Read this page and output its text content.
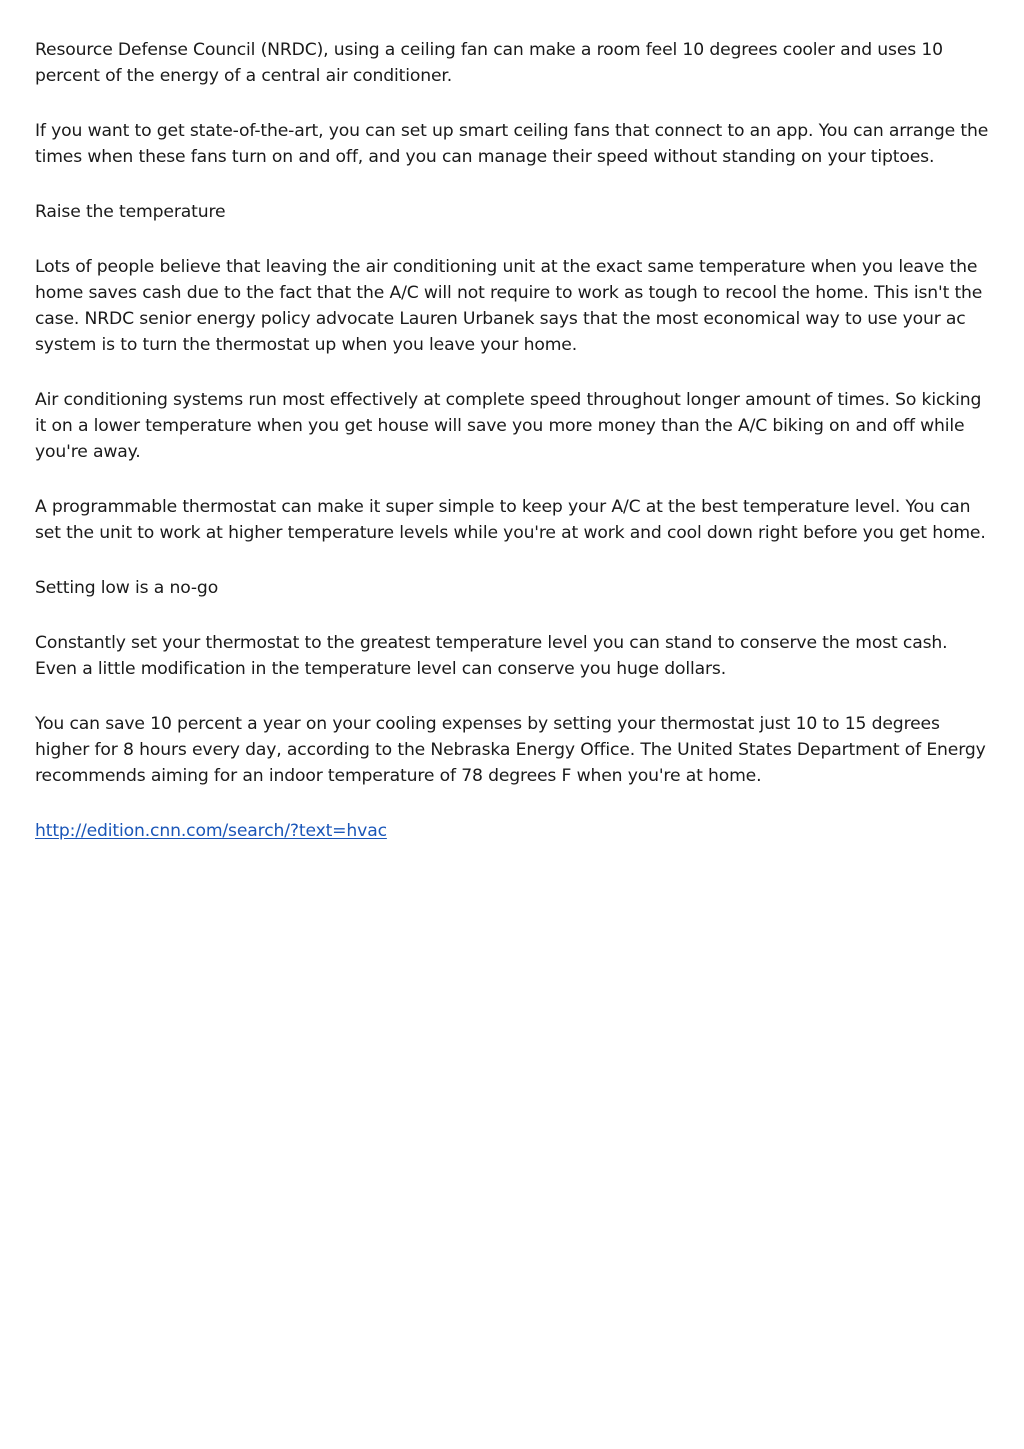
Resource Defense Council (NRDC), using a ceiling fan can make a room feel 10 degrees cooler and uses 10 percent of the energy of a central air conditioner.

If you want to get state-of-the-art, you can set up smart ceiling fans that connect to an app. You can arrange the times when these fans turn on and off, and you can manage their speed without standing on your tiptoes.

Raise the temperature

Lots of people believe that leaving the air conditioning unit at the exact same temperature when you leave the home saves cash due to the fact that the A/C will not require to work as tough to recool the home. This isn't the case. NRDC senior energy policy advocate Lauren Urbanek says that the most economical way to use your ac system is to turn the thermostat up when you leave your home.

Air conditioning systems run most effectively at complete speed throughout longer amount of times. So kicking it on a lower temperature when you get house will save you more money than the A/C biking on and off while you're away.

A programmable thermostat can make it super simple to keep your A/C at the best temperature level. You can set the unit to work at higher temperature levels while you're at work and cool down right before you get home.

Setting low is a no-go

Constantly set your thermostat to the greatest temperature level you can stand to conserve the most cash. Even a little modification in the temperature level can conserve you huge dollars.

You can save 10 percent a year on your cooling expenses by setting your thermostat just 10 to 15 degrees higher for 8 hours every day, according to the Nebraska Energy Office. The United States Department of Energy recommends aiming for an indoor temperature of 78 degrees F when you're at home.

http://edition.cnn.com/search/?text=hvac
